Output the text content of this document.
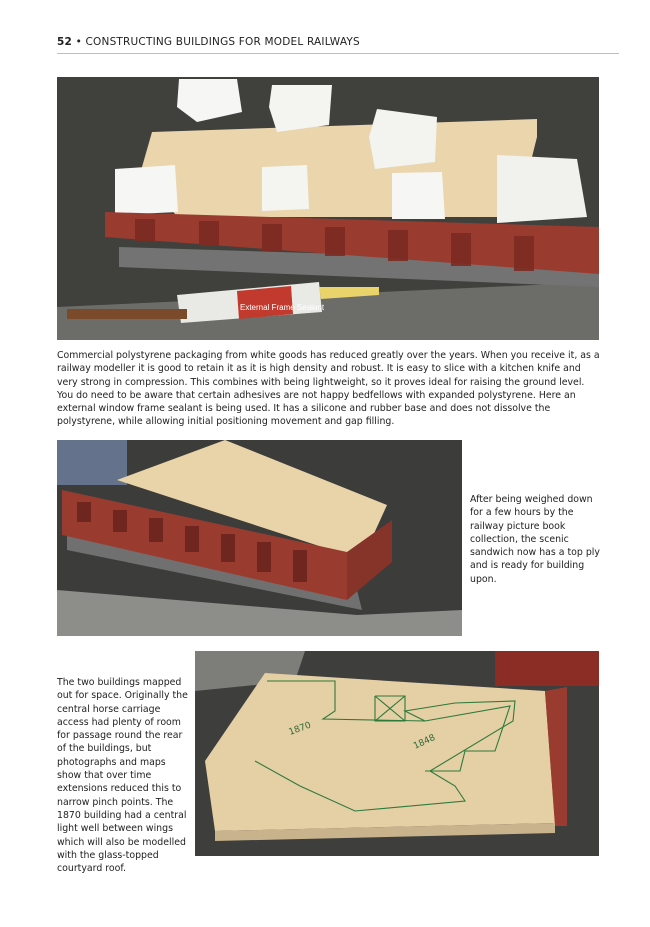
52 • CONSTRUCTING BUILDINGS FOR MODEL RAILWAYS
External Frame Sealant
Commercial polystyrene packaging from white goods has reduced greatly over the years. When you receive it, as a railway modeller it is good to retain it as it is high density and robust. It is easy to slice with a kitchen knife and very strong in compression. This combines with being lightweight, so it proves ideal for raising the ground level. You do need to be aware that certain adhesives are not happy bedfellows with expanded polystyrene. Here an external window frame sealant is being used. It has a silicone and rubber base and does not dissolve the polystyrene, while allowing initial positioning movement and gap filling.
After being weighed down for a few hours by the railway picture book collection, the scenic sandwich now has a top ply and is ready for building upon.
1870
1848
The two buildings mapped out for space. Originally the central horse carriage access had plenty of room for passage round the rear of the buildings, but photographs and maps show that over time extensions reduced this to narrow pinch points. The 1870 building had a central light well between wings which will also be modelled with the glass-topped courtyard roof.
